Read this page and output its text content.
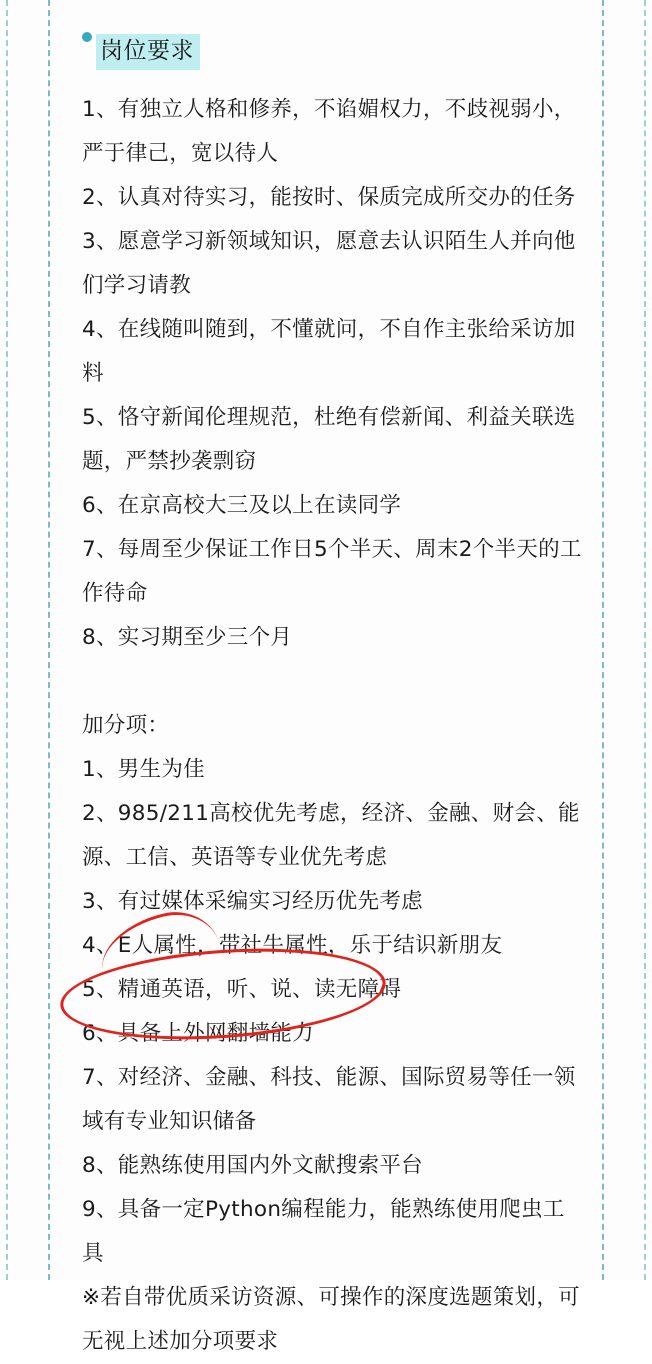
岗位要求

1、有独立人格和修养，不谄媚权力，不歧视弱小，严于律己，宽以待人

2、认真对待实习，能按时、保质完成所交办的任务

3、愿意学习新领域知识，愿意去认识陌生人并向他们学习请教

4、在线随叫随到，不懂就问，不自作主张给采访加料

5、恪守新闻伦理规范，杜绝有偿新闻、利益关联选题，严禁抄袭剽窃

6、在京高校大三及以上在读同学

7、每周至少保证工作日5个半天、周末2个半天的工作待命

8、实习期至少三个月

加分项：

1、男生为佳

2、985/211高校优先考虑，经济、金融、财会、能源、工信、英语等专业优先考虑

3、有过媒体采编实习经历优先考虑

4、E人属性，带社牛属性，乐于结识新朋友

5、精通英语，听、说、读无障碍

6、具备上外网翻墙能力

7、对经济、金融、科技、能源、国际贸易等任一领域有专业知识储备

8、能熟练使用国内外文献搜索平台

9、具备一定Python编程能力，能熟练使用爬虫工具

※若自带优质采访资源、可操作的深度选题策划，可无视上述加分项要求
